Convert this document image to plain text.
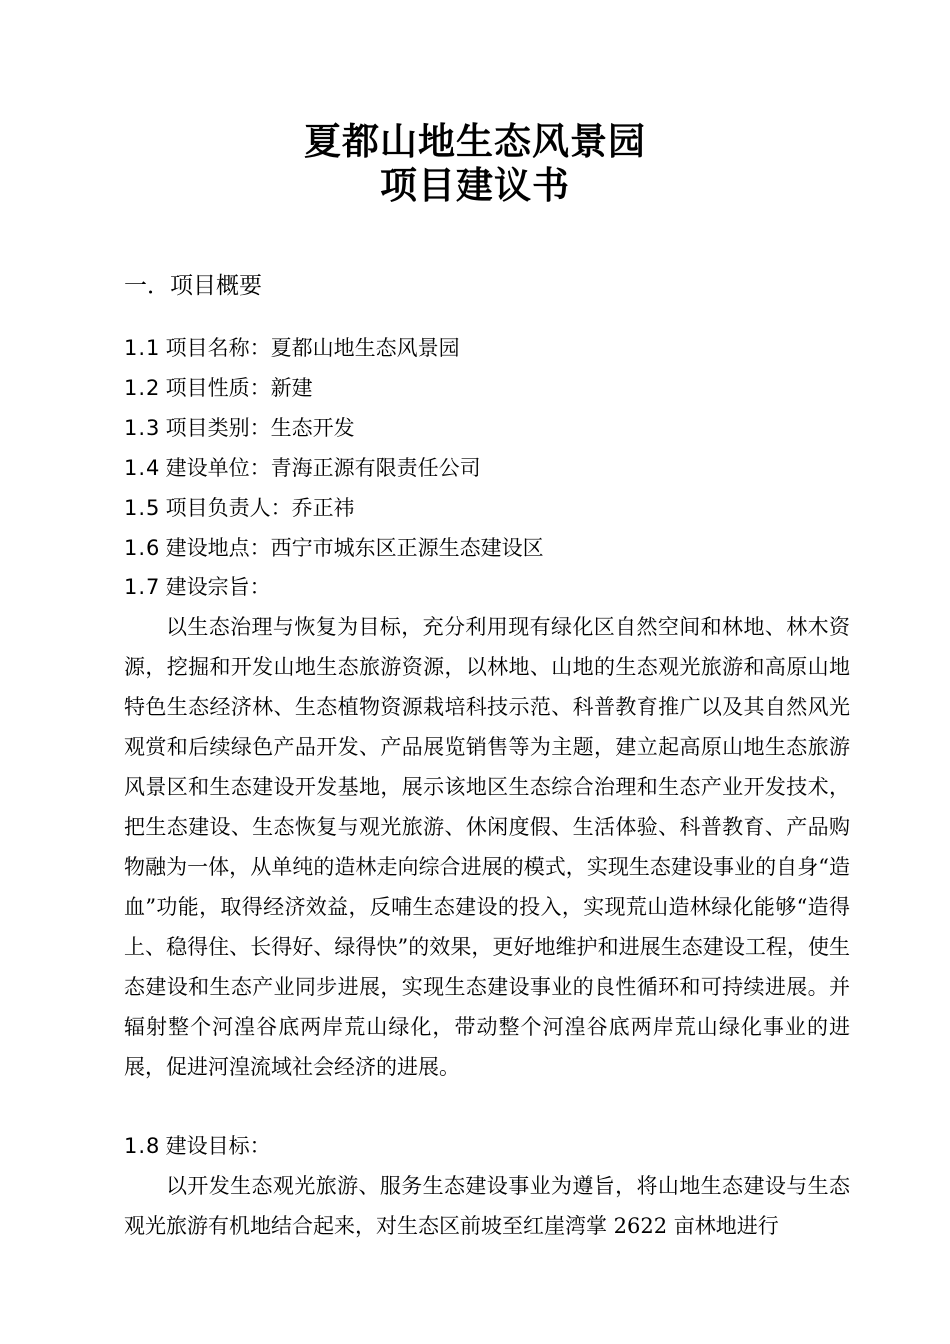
夏都山地生态风景园
项目建议书
一．项目概要
1.1 项目名称：夏都山地生态风景园
1.2 项目性质：新建
1.3 项目类别：生态开发
1.4 建设单位：青海正源有限责任公司
1.5 项目负责人：乔正祎
1.6 建设地点：西宁市城东区正源生态建设区
1.7 建设宗旨：

以生态治理与恢复为目标，充分利用现有绿化区自然空间和林地、林木资源，挖掘和开发山地生态旅游资源，以林地、山地的生态观光旅游和高原山地特色生态经济林、生态植物资源栽培科技示范、科普教育推广以及其自然风光观赏和后续绿色产品开发、产品展览销售等为主题，建立起高原山地生态旅游风景区和生态建设开发基地，展示该地区生态综合治理和生态产业开发技术，把生态建设、生态恢复与观光旅游、休闲度假、生活体验、科普教育、产品购物融为一体，从单纯的造林走向综合进展的模式，实现生态建设事业的自身“造血”功能，取得经济效益，反哺生态建设的投入，实现荒山造林绿化能够“造得上、稳得住、长得好、绿得快”的效果，更好地维护和进展生态建设工程，使生态建设和生态产业同步进展，实现生态建设事业的良性循环和可持续进展。并辐射整个河湟谷底两岸荒山绿化，带动整个河湟谷底两岸荒山绿化事业的进展，促进河湟流域社会经济的进展。

1.8 建设目标：

以开发生态观光旅游、服务生态建设事业为遵旨，将山地生态建设与生态观光旅游有机地结合起来，对生态区前坡至红崖湾掌 2622 亩林地进行
